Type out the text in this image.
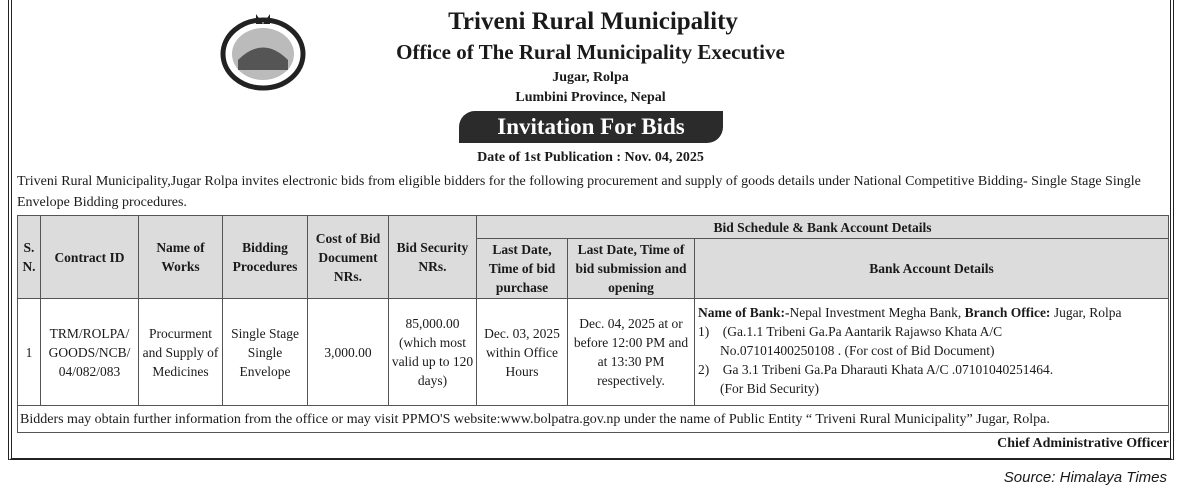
Triveni Rural Municipality
Office of The Rural Municipality Executive
Jugar, Rolpa
Lumbini Province, Nepal
Invitation For Bids
Date of 1st Publication : Nov. 04, 2025
Triveni Rural Municipality,Jugar Rolpa invites electronic bids from eligible bidders for the following procurement and supply of goods details under National Competitive Bidding- Single Stage Single Envelope Bidding procedures.
S. N.	Contract ID	Name of Works	Bidding Procedures	Cost of Bid Document NRs.	Bid Security NRs.	Bid Schedule & Bank Account Details		
						Last Date, Time of bid purchase	Last Date, Time of bid submission and opening	Bank Account Details
1	TRM/ROLPA/ GOODS/NCB/ 04/082/083	Procurment and Supply of Medicines	Single Stage Single Envelope	3,000.00	85,000.00 (which most valid up to 120 days)	Dec. 03, 2025 within Office Hours	Dec. 04, 2025 at or before 12:00 PM and at 13:30 PM respectively.	Name of Bank:-Nepal Investment Megha Bank, Branch Office: Jugar, Rolpa
1)    (Ga.1.1 Tribeni Ga.Pa Aantarik Rajawso Khata A/C
No.07101400250108 . (For cost of Bid Document)
2)    Ga 3.1 Tribeni Ga.Pa Dharauti Khata A/C .07101040251464.
(For Bid Security)

Bidders may obtain further information from the office or may visit PPMO'S website:www.bolpatra.gov.np under the name of Public Entity “ Triveni Rural Municipality” Jugar, Rolpa.								
Chief Administrative Officer
Source: Himalaya Times
